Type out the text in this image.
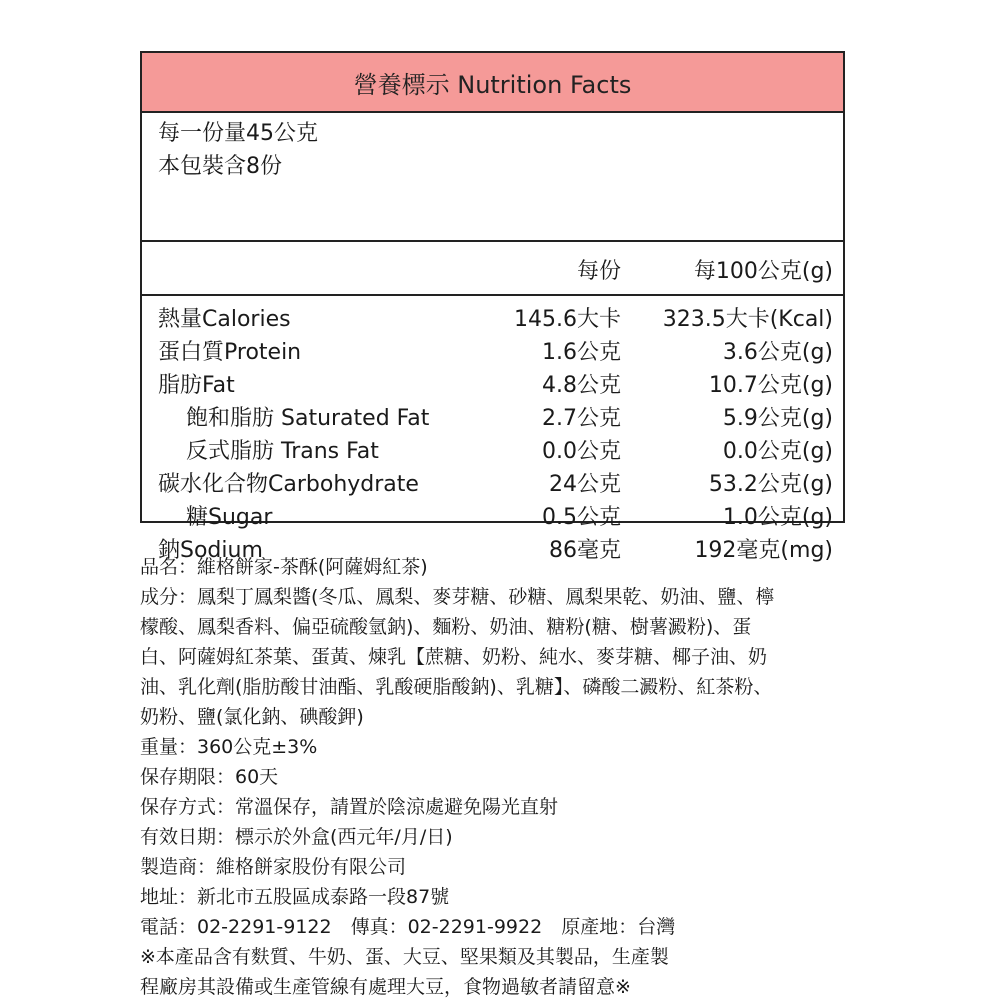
營養標示 Nutrition Facts
每一份量45公克
本包裝含8份
每份	每100公克(g)
熱量Calories	145.6大卡 323.5大卡(Kcal)
蛋白質Protein	1.6公克	3.6公克(g)
脂肪Fat	4.8公克	10.7公克(g)
飽和脂肪 Saturated Fat	2.7公克	5.9公克(g)
反式脂肪 Trans Fat	0.0公克	0.0公克(g)
碳水化合物Carbohydrate	24公克	53.2公克(g)
糖Sugar	0.5公克	1.0公克(g)
鈉Sodium	86毫克	192毫克(mg)
品名：維格餅家-茶酥(阿薩姆紅茶)
成分：鳳梨丁鳳梨醬(冬瓜、鳳梨、麥芽糖、砂糖、鳳梨果乾、奶油、鹽、檸
檬酸、鳳梨香料、偏亞硫酸氫鈉)、麵粉、奶油、糖粉(糖、樹薯澱粉)、蛋
白、阿薩姆紅茶葉、蛋黃、煉乳【蔗糖、奶粉、純水、麥芽糖、椰子油、奶
油、乳化劑(脂肪酸甘油酯、乳酸硬脂酸鈉)、乳糖】、磷酸二澱粉、紅茶粉、
奶粉、鹽(氯化鈉、碘酸鉀)
重量：360公克±3%
保存期限：60天
保存方式：常溫保存，請置於陰涼處避免陽光直射
有效日期：標示於外盒(西元年/月/日)
製造商：維格餅家股份有限公司
地址：新北市五股區成泰路一段87號
電話：02-2291-9122　傳真：02-2291-9922　原產地：台灣
※本產品含有麩質、牛奶、蛋、大豆、堅果類及其製品，生產製
程廠房其設備或生產管線有處理大豆，食物過敏者請留意※
